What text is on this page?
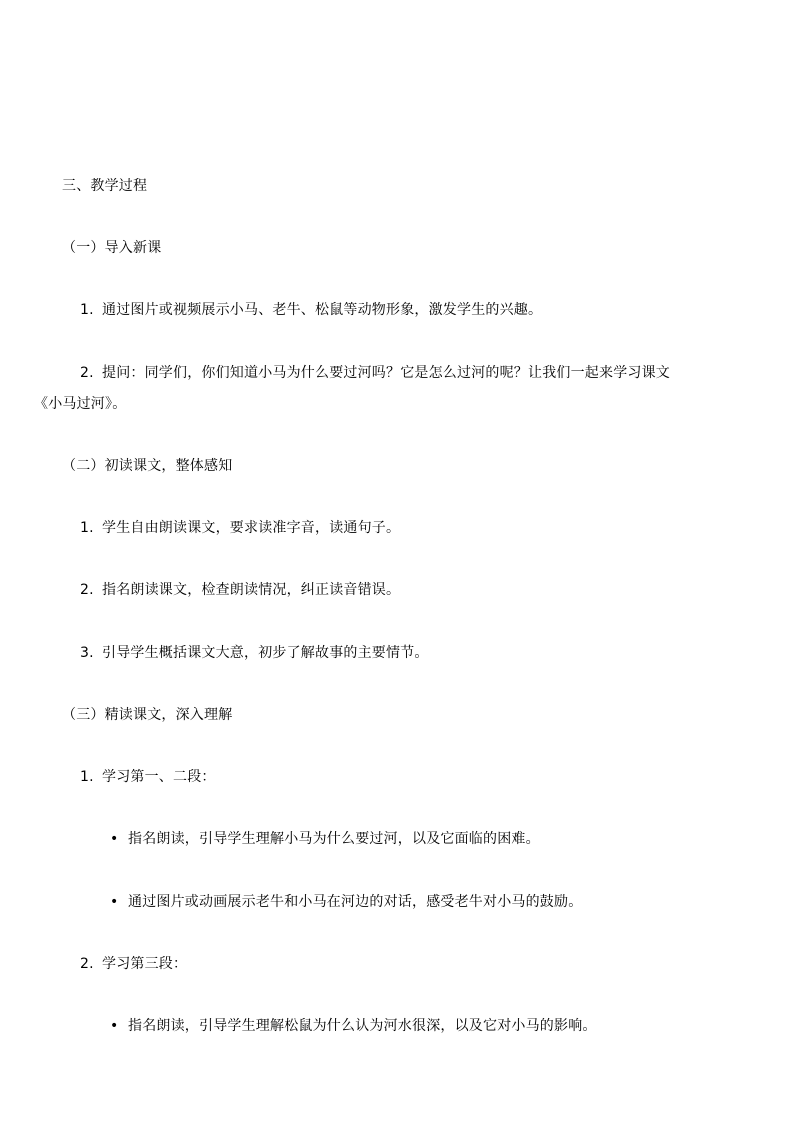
三、教学过程
（一）导入新课
1. 通过图片或视频展示小马、老牛、松鼠等动物形象，激发学生的兴趣。
2. 提问：同学们，你们知道小马为什么要过河吗？它是怎么过河的呢？让我们一起来学习课文
《小马过河》。
（二）初读课文，整体感知
1. 学生自由朗读课文，要求读准字音，读通句子。
2. 指名朗读课文，检查朗读情况，纠正读音错误。
3. 引导学生概括课文大意，初步了解故事的主要情节。
（三）精读课文，深入理解
1. 学习第一、二段：
• 指名朗读，引导学生理解小马为什么要过河，以及它面临的困难。
• 通过图片或动画展示老牛和小马在河边的对话，感受老牛对小马的鼓励。
2. 学习第三段：
• 指名朗读，引导学生理解松鼠为什么认为河水很深，以及它对小马的影响。
